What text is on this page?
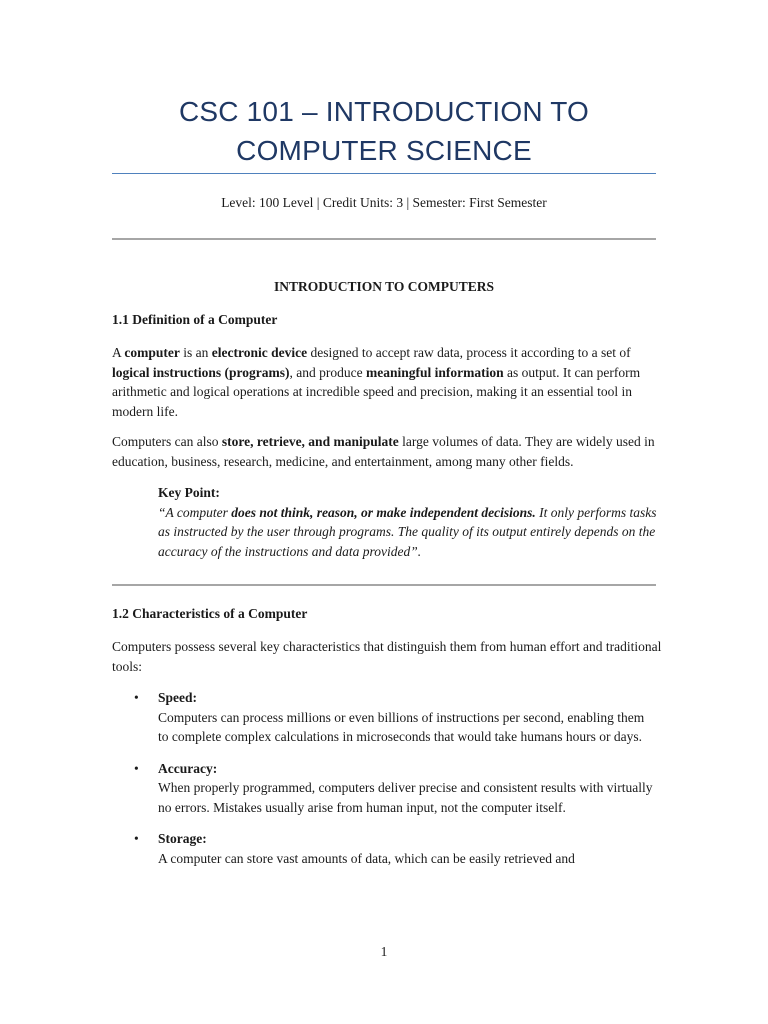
CSC 101 – INTRODUCTION TO COMPUTER SCIENCE
Level: 100 Level | Credit Units: 3 | Semester: First Semester
INTRODUCTION TO COMPUTERS
1.1 Definition of a Computer
A computer is an electronic device designed to accept raw data, process it according to a set of logical instructions (programs), and produce meaningful information as output. It can perform arithmetic and logical operations at incredible speed and precision, making it an essential tool in modern life.
Computers can also store, retrieve, and manipulate large volumes of data. They are widely used in education, business, research, medicine, and entertainment, among many other fields.
Key Point:
“A computer does not think, reason, or make independent decisions. It only performs tasks as instructed by the user through programs. The quality of its output entirely depends on the accuracy of the instructions and data provided”.
1.2 Characteristics of a Computer
Computers possess several key characteristics that distinguish them from human effort and traditional tools:
• Speed:
Computers can process millions or even billions of instructions per second, enabling them to complete complex calculations in microseconds that would take humans hours or days.
• Accuracy:
When properly programmed, computers deliver precise and consistent results with virtually no errors. Mistakes usually arise from human input, not the computer itself.
• Storage:
A computer can store vast amounts of data, which can be easily retrieved and
1
